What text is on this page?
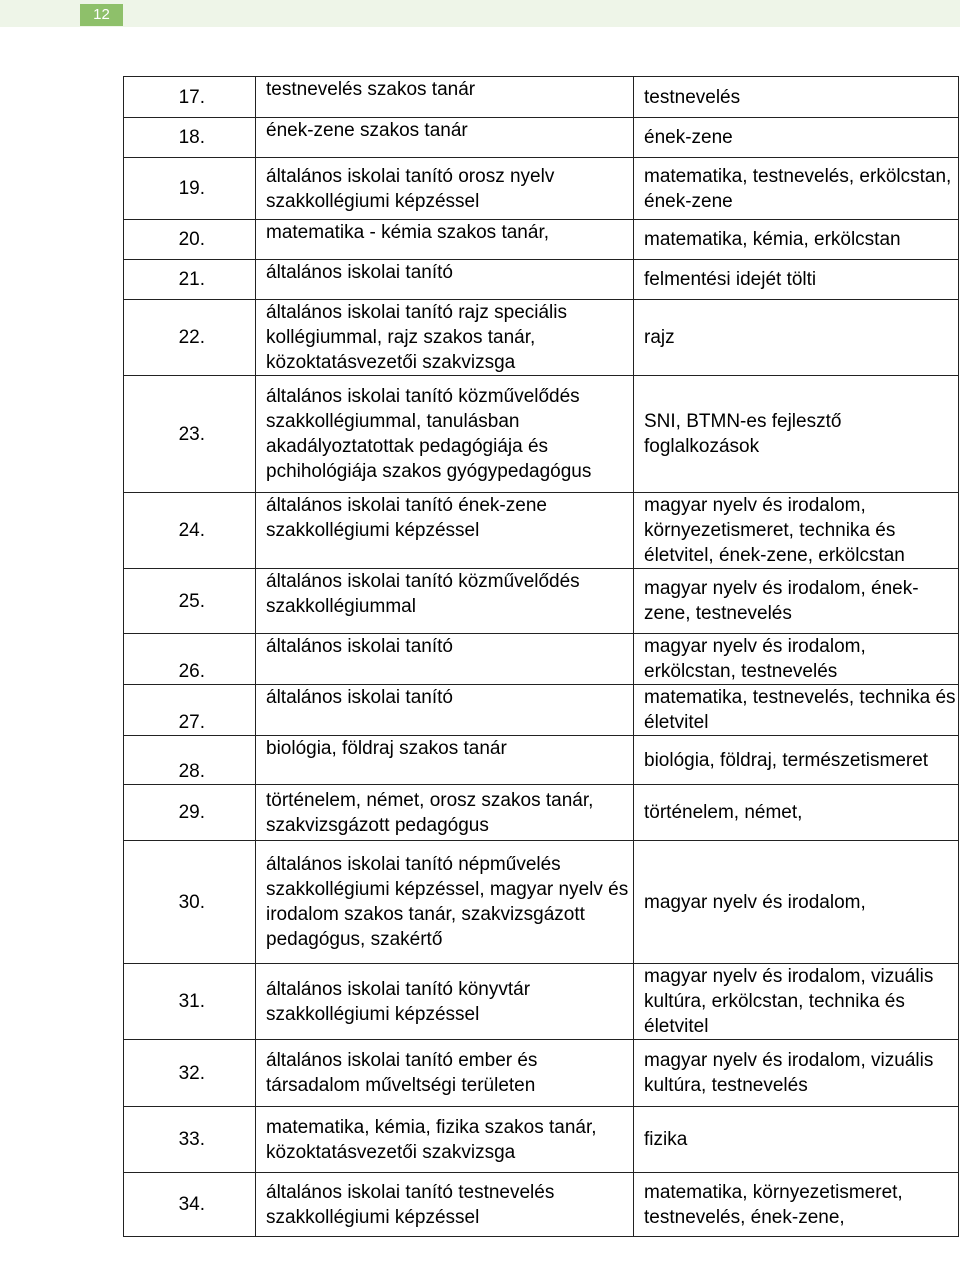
12
17.	testnevelés szakos tanár	testnevelés
18.	ének-zene szakos tanár	ének-zene
19.	általános iskolai tanító orosz nyelv szakkollégiumi képzéssel	matematika, testnevelés, erkölcstan, ének-zene
20.	matematika - kémia szakos tanár,	matematika, kémia, erkölcstan
21.	általános iskolai tanító	felmentési idejét tölti
22.	általános iskolai tanító rajz speciális kollégiummal, rajz szakos tanár, közoktatásvezetői szakvizsga	rajz
23.	általános iskolai tanító közművelődés szakkollégiummal, tanulásban akadályoztatottak pedagógiája és pchihológiája szakos gyógypedagógus	SNI, BTMN-es fejlesztő foglalkozások
24.	általános iskolai tanító ének-zene szakkollégiumi képzéssel	magyar nyelv és irodalom, környezetismeret, technika és életvitel, ének-zene, erkölcstan
25.	általános iskolai tanító közművelődés szakkollégiummal	magyar nyelv és irodalom, ének-zene, testnevelés
26.	általános iskolai tanító	magyar nyelv és irodalom, erkölcstan, testnevelés
27.	általános iskolai tanító	matematika, testnevelés, technika és életvitel
28.	biológia, földraj szakos tanár	biológia, földraj, természetismeret
29.	történelem, német, orosz szakos tanár, szakvizsgázott pedagógus	történelem, német,
30.	általános iskolai tanító népművelés szakkollégiumi képzéssel, magyar nyelv és irodalom szakos tanár, szakvizsgázott pedagógus, szakértő	magyar nyelv és irodalom,
31.	általános iskolai tanító könyvtár szakkollégiumi képzéssel	magyar nyelv és irodalom, vizuális kultúra, erkölcstan, technika és életvitel
32.	általános iskolai tanító ember és társadalom műveltségi területen	magyar nyelv és irodalom, vizuális kultúra, testnevelés
33.	matematika, kémia, fizika szakos tanár, közoktatásvezetői szakvizsga	fizika
34.	általános iskolai tanító testnevelés szakkollégiumi képzéssel	matematika, környezetismeret, testnevelés, ének-zene,
